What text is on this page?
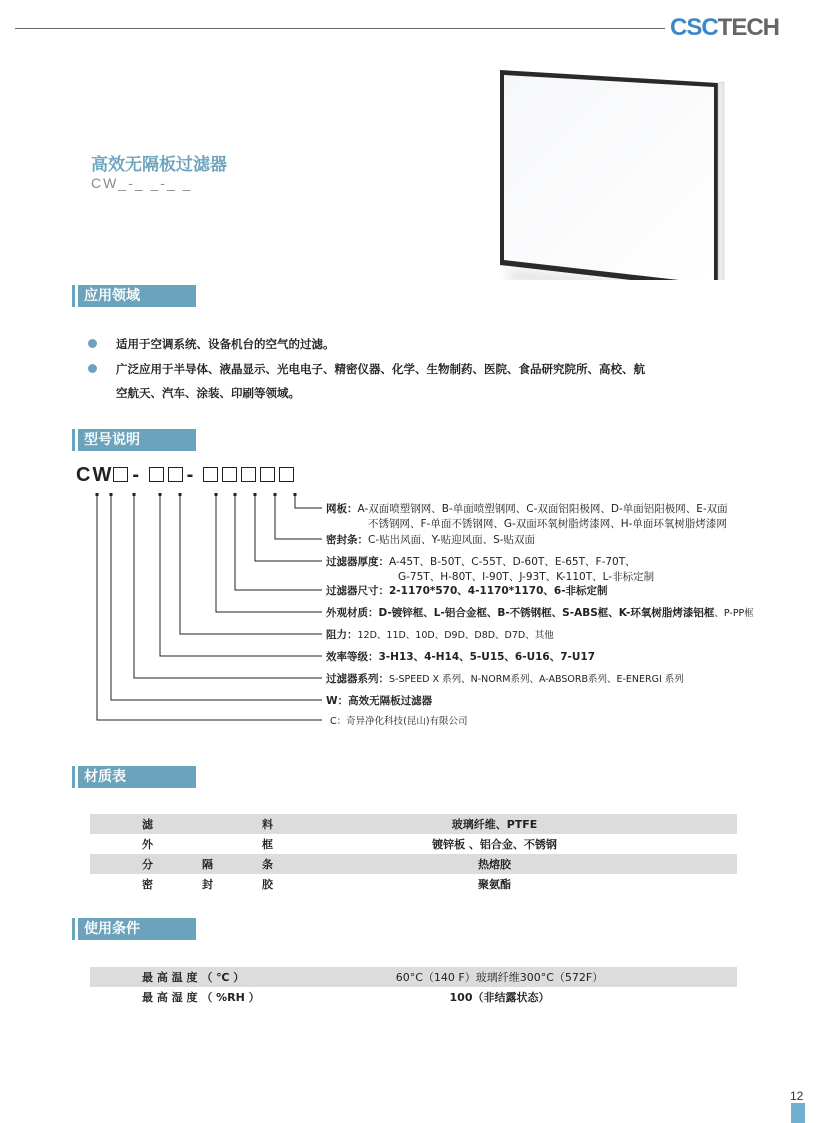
CSCTECH
高效无隔板过滤器
CW_-_ _-_ _
应用领域
适用于空调系统、设备机台的空气的过滤。
广泛应用于半导体、液晶显示、光电电子、精密仪器、化学、生物制药、医院、食品研究院所、高校、航
空航天、汽车、涂装、印刷等领域。
型号说明
CW - -
网板：A-双面喷塑钢网、B-单面喷塑钢网、C-双面铝阳极网、D-单面铝阳极网、E-双面
不锈钢网、F-单面不锈钢网、G-双面环氧树脂烤漆网、H-单面环氧树脂烤漆网
密封条：C-贴出风面、Y-贴迎风面、S-贴双面
过滤器厚度：A-45T、B-50T、C-55T、D-60T、E-65T、F-70T、
G-75T、H-80T、I-90T、J-93T、K-110T、L-非标定制
过滤器尺寸：2-1170*570、4-1170*1170、6-非标定制
外观材质：D-镀锌框、L-铝合金框、B-不锈钢框、S-ABS框、K-环氧树脂烤漆铝框、P-PP框
阻力：12D、11D、10D、D9D、D8D、D7D、其他
效率等级：3-H13、4-H14、5-U15、6-U16、7-U17
过滤器系列：S-SPEED X 系列、N-NORM系列、A-ABSORB系列、E-ENERGI 系列
W：高效无隔板过滤器
C：奇异净化科技(昆山)有限公司
材质表
	滤		料	玻璃纤维、PTFE
	外		框	镀锌板 、铝合金、不锈钢
	分	隔	条	热熔胶
	密	封	胶	聚氨酯
使用条件
	最 高 温 度 （ ℃ ）	60°C（140 F）玻璃纤维300°C（572F）
	最 高 湿 度 （ %RH ）	100（非结露状态）
12
